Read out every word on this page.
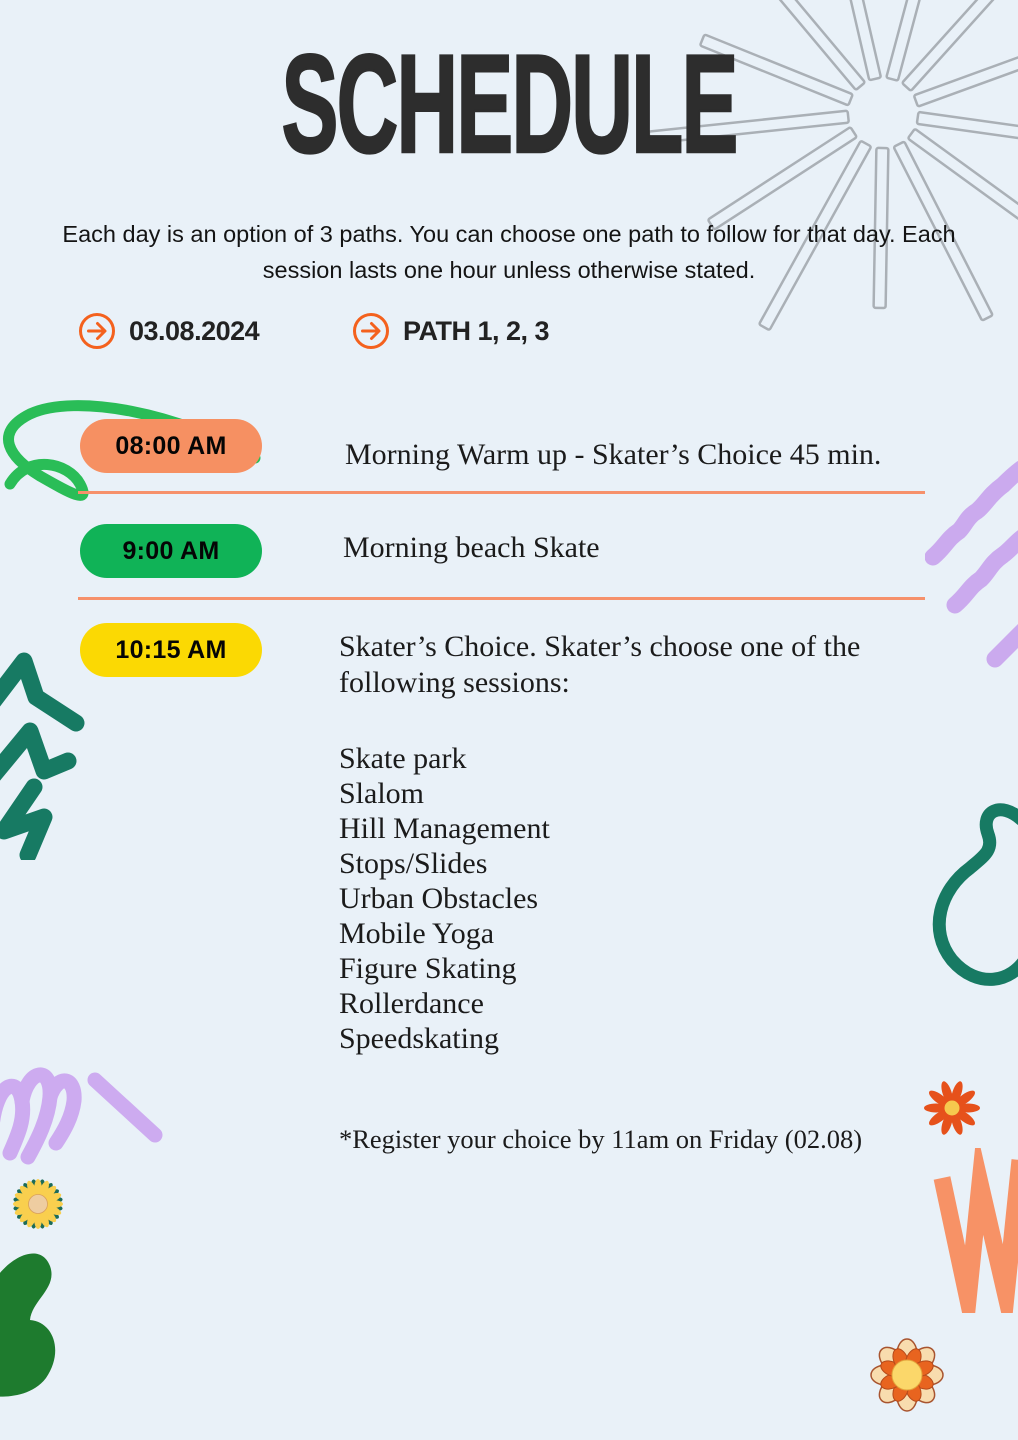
SCHEDULE

Each day is an option of 3 paths. You can choose one path to follow for that day. Each session lasts one hour unless otherwise stated.

03.08.2024	PATH 1, 2, 3
08:00 AM	Morning Warm up - Skater’s Choice 45 min.

9:00 AM	Morning beach Skate

10:15 AM	Skater’s Choice. Skater’s choose one of the following sessions:

Skate park
Slalom
Hill Management
Stops/Slides
Urban Obstacles
Mobile Yoga
Figure Skating
Rollerdance
Speedskating

*Register your choice by 11am on Friday (02.08)
